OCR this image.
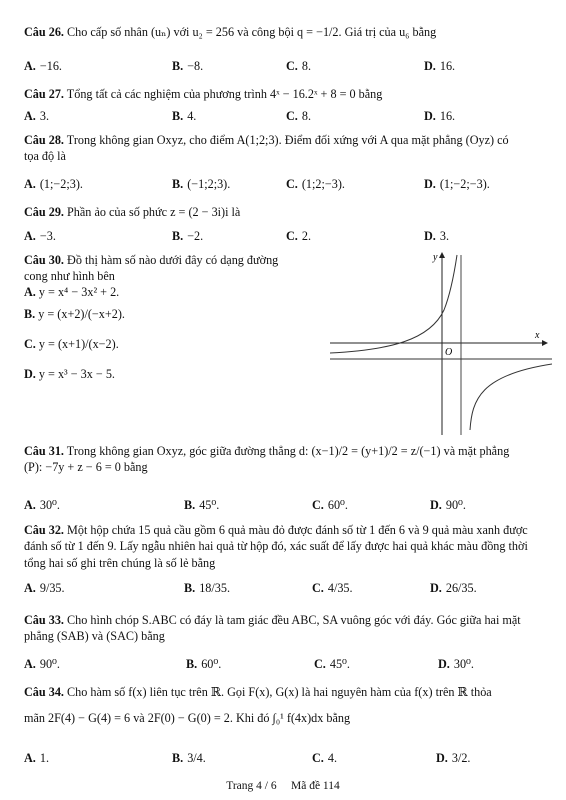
Câu 26. Cho cấp số nhân (uₙ) với u₂ = 256 và công bội q = −1/2. Giá trị của u₆ bằng
A. −16.	B. −8.	C. 8.	D. 16.
Câu 27. Tổng tất cả các nghiệm của phương trình 4ˣ − 16.2ˣ + 8 = 0 bằng
A. 3.	B. 4.	C. 8.	D. 16.
Câu 28. Trong không gian Oxyz, cho điểm A(1;2;3). Điểm đối xứng với A qua mặt phẳng (Oyz) có
tọa độ là
A. (1;−2;3).	B. (−1;2;3).	C. (1;2;−3).	D. (1;−2;−3).
Câu 29. Phần ảo của số phức z = (2 − 3i)i là
A. −3.	B. −2.	C. 2.	D. 3.
Câu 30. Đồ thị hàm số nào dưới đây có dạng đường
cong như hình bên
A. y = x⁴ − 3x² + 2.
B. y = (x+2)/(−x+2).
C. y = (x+1)/(x−2).
D. y = x³ − 3x − 5.
x
y
O
Câu 31. Trong không gian Oxyz, góc giữa đường thẳng d: (x−1)/2 = (y+1)/2 = z/(−1) và mặt phẳng
(P): −7y + z − 6 = 0 bằng
A. 30⁰.	B. 45⁰.	C. 60⁰.	D. 90⁰.
Câu 32. Một hộp chứa 15 quả cầu gồm 6 quả màu đỏ được đánh số từ 1 đến 6 và 9 quả màu xanh được
đánh số từ 1 đến 9. Lấy ngẫu nhiên hai quả từ hộp đó, xác suất để lấy được hai quả khác màu đồng thời
tổng hai số ghi trên chúng là số lẻ bằng
A. 9/35.	B. 18/35.	C. 4/35.	D. 26/35.
Câu 33. Cho hình chóp S.ABC có đáy là tam giác đều ABC, SA vuông góc với đáy. Góc giữa hai mặt
phẳng (SAB) và (SAC) bằng
A. 90⁰.	B. 60⁰.	C. 45⁰.	D. 30⁰.
Câu 34. Cho hàm số f(x) liên tục trên ℝ. Gọi F(x), G(x) là hai nguyên hàm của f(x) trên ℝ thỏa
mãn 2F(4) − G(4) = 6 và 2F(0) − G(0) = 2. Khi đó ∫₀¹ f(4x)dx bằng
A. 1.	B. 3/4.	C. 4.	D. 3/2.
Trang 4 / 6 Mã đề 114
